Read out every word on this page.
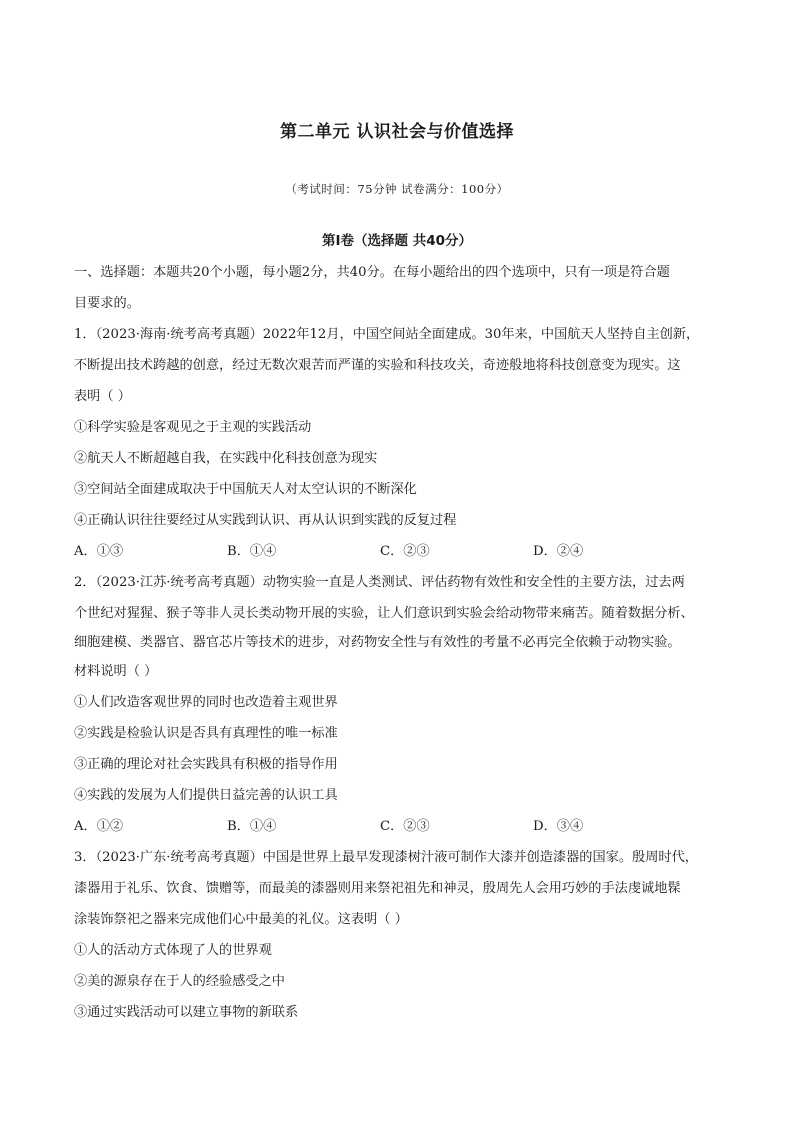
第二单元 认识社会与价值选择
（考试时间：75分钟 试卷满分：100分）
第Ⅰ卷（选择题 共40分）
一、选择题：本题共20个小题，每小题2分，共40分。在每小题给出的四个选项中，只有一项是符合题
目要求的。
1．（2023·海南·统考高考真题）2022年12月，中国空间站全面建成。30年来，中国航天人坚持自主创新，
不断提出技术跨越的创意，经过无数次艰苦而严谨的实验和科技攻关，奇迹般地将科技创意变为现实。这
表明（ ）
①科学实验是客观见之于主观的实践活动
②航天人不断超越自我，在实践中化科技创意为现实
③空间站全面建成取决于中国航天人对太空认识的不断深化
④正确认识往往要经过从实践到认识、再从认识到实践的反复过程
A．①③	B．①④	C．②③	D．②④
2．（2023·江苏·统考高考真题）动物实验一直是人类测试、评估药物有效性和安全性的主要方法，过去两
个世纪对猩猩、猴子等非人灵长类动物开展的实验，让人们意识到实验会给动物带来痛苦。随着数据分析、
细胞建模、类器官、器官芯片等技术的进步，对药物安全性与有效性的考量不必再完全依赖于动物实验。
材料说明（ ）
①人们改造客观世界的同时也改造着主观世界
②实践是检验认识是否具有真理性的唯一标准
③正确的理论对社会实践具有积极的指导作用
④实践的发展为人们提供日益完善的认识工具
A．①②	B．①④	C．②③	D．③④
3．（2023·广东·统考高考真题）中国是世界上最早发现漆树汁液可制作大漆并创造漆器的国家。殷周时代，
漆器用于礼乐、饮食、馈赠等，而最美的漆器则用来祭祀祖先和神灵，殷周先人会用巧妙的手法虔诚地髹
涂装饰祭祀之器来完成他们心中最美的礼仪。这表明（ ）
①人的活动方式体现了人的世界观
②美的源泉存在于人的经验感受之中
③通过实践活动可以建立事物的新联系
